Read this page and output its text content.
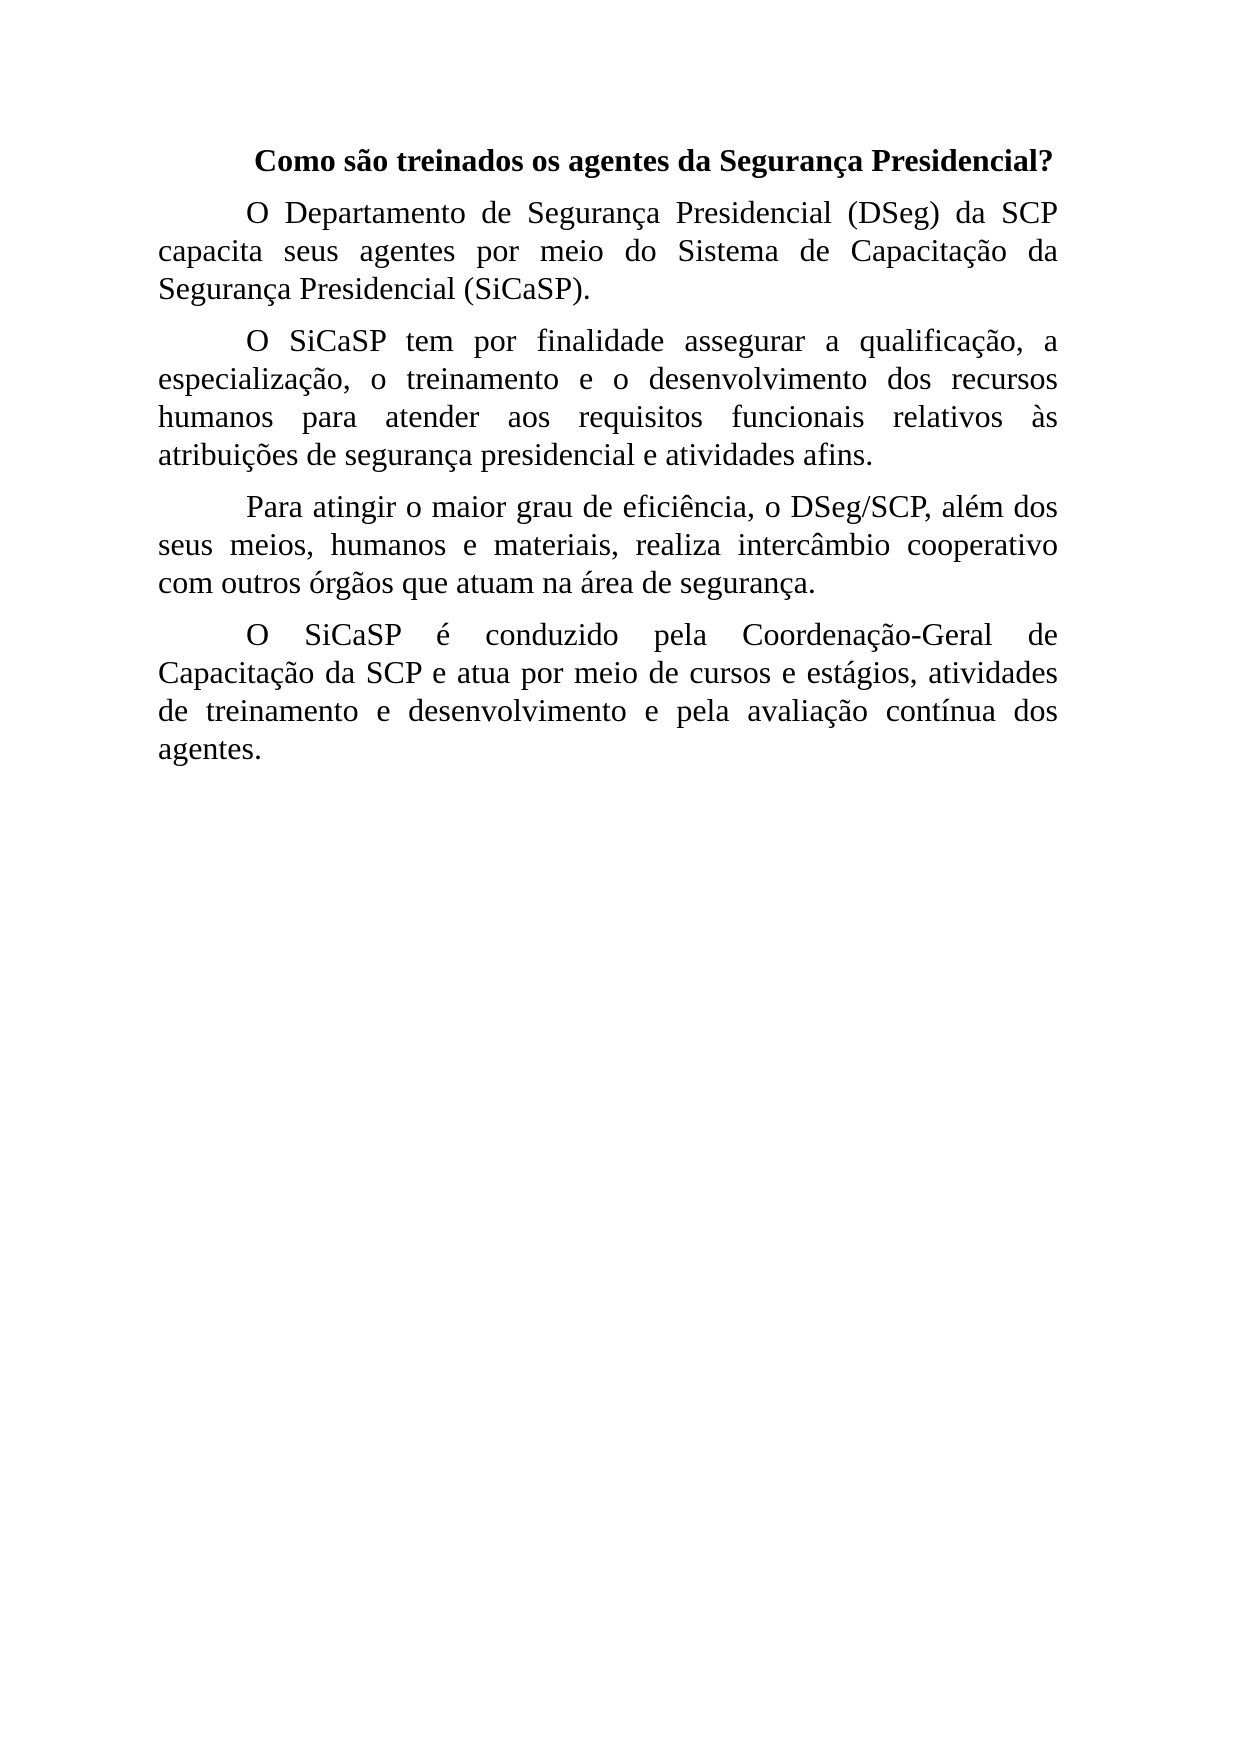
Como são treinados os agentes da Segurança Presidencial?

O Departamento de Segurança Presidencial (DSeg) da SCP capacita seus agentes por meio do Sistema de Capacitação da Segurança Presidencial (SiCaSP).

O SiCaSP tem por finalidade assegurar a qualificação, a especialização, o treinamento e o desenvolvimento dos recursos humanos para atender aos requisitos funcionais relativos às atribuições de segurança presidencial e atividades afins.

Para atingir o maior grau de eficiência, o DSeg/SCP, além dos seus meios, humanos e materiais, realiza intercâmbio cooperativo com outros órgãos que atuam na área de segurança.

O SiCaSP é conduzido pela Coordenação-Geral de Capacitação da SCP e atua por meio de cursos e estágios, atividades de treinamento e desenvolvimento e pela avaliação contínua dos agentes.
